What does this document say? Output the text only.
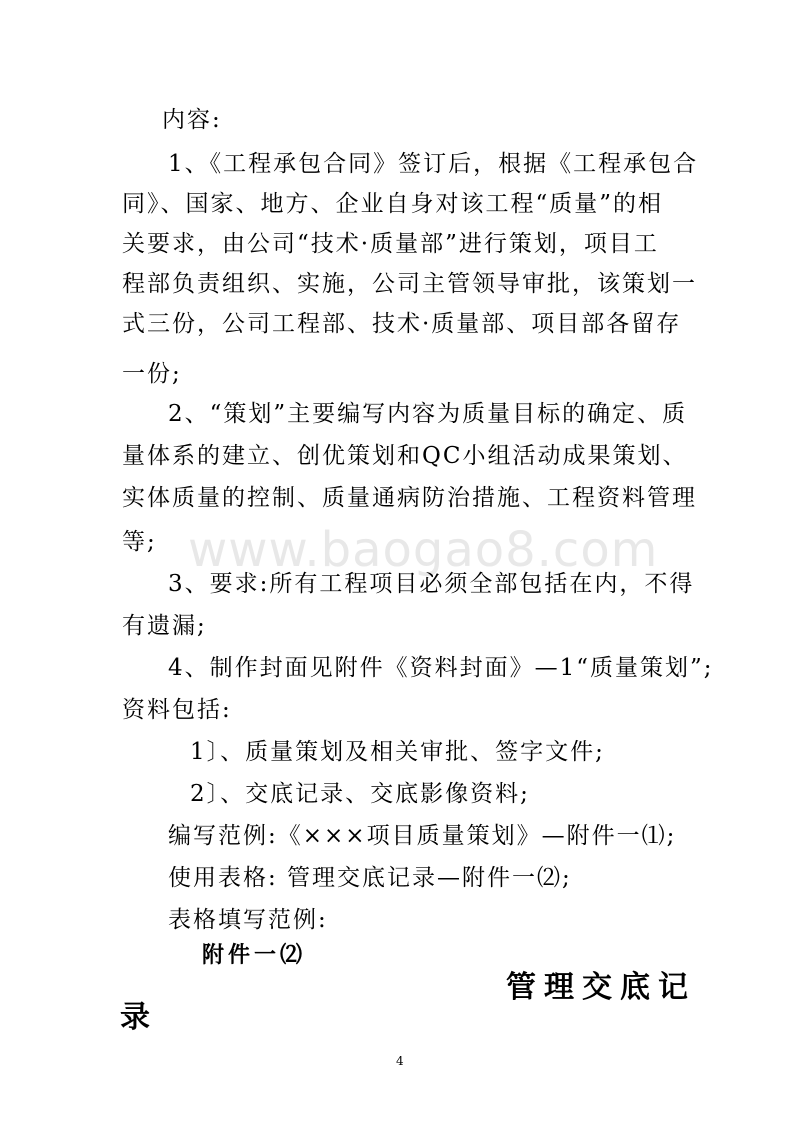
www.baogao8.com
内容:
1、《工程承包合同》签订后，根据《工程承包合
同》、国家、地方、企业自身对该工程“质量”的相
关要求，由公司“技术·质量部”进行策划，项目工
程部负责组织、实施，公司主管领导审批，该策划一
式三份，公司工程部、技术·质量部、项目部各留存
一份;
2、“策划”主要编写内容为质量目标的确定、质
量体系的建立、创优策划和QC小组活动成果策划、
实体质量的控制、质量通病防治措施、工程资料管理
等;
3、要求:所有工程项目必须全部包括在内，不得
有遗漏;
4、制作封面见附件《资料封面》—1“质量策划”;
资料包括:
1〕、质量策划及相关审批、签字文件;
2〕、交底记录、交底影像资料;
编写范例:《×××项目质量策划》—附件一⑴;
使用表格: 管理交底记录—附件一⑵;
表格填写范例:
附件一⑵
管理交底记
录
4
